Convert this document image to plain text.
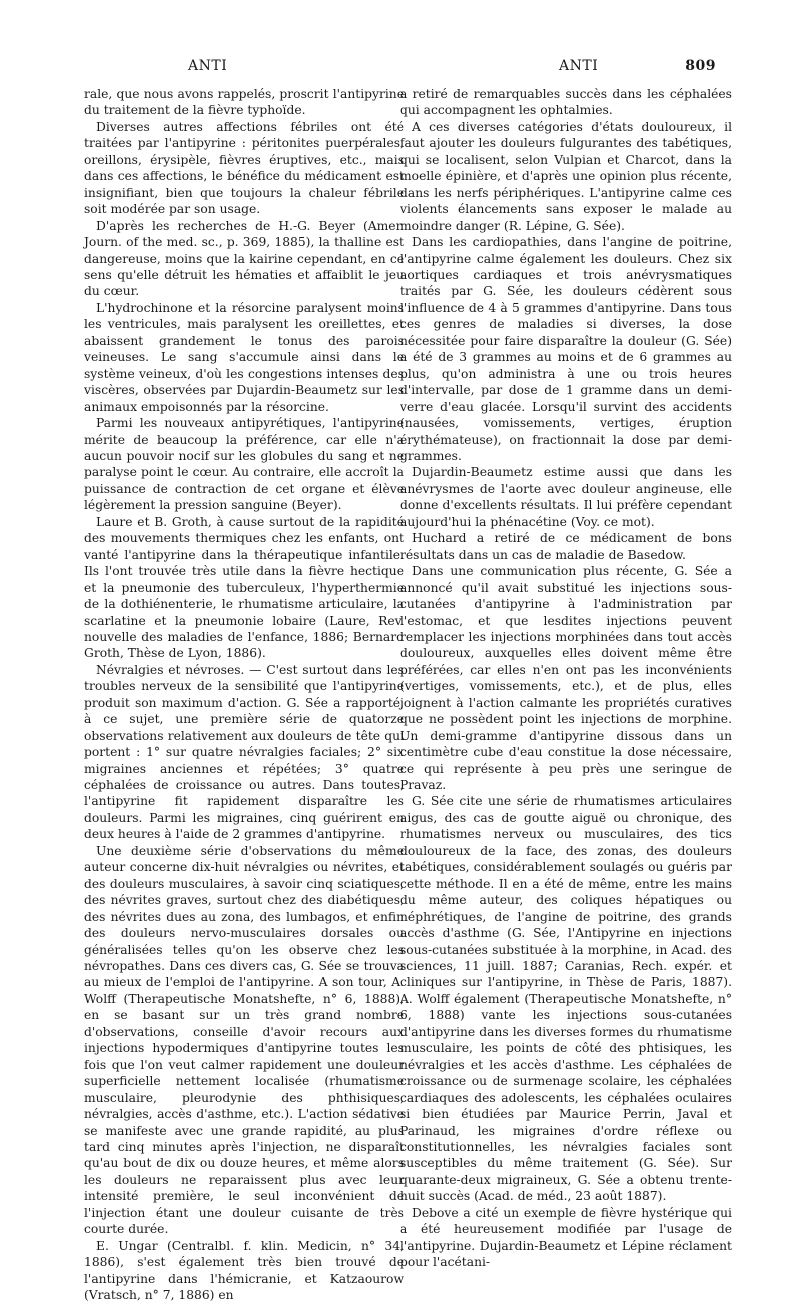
ANTI	ANTI	809

rale, que nous avons rappelés, proscrit l'antipyrine du traitement de la fièvre typhoïde.

Diverses autres affections fébriles ont été traitées par l'antipyrine : péritonites puerpérales, oreillons, érysipèle, fièvres éruptives, etc., mais dans ces affections, le bénéfice du médicament est insignifiant, bien que toujours la chaleur fébrile soit modérée par son usage.

D'après les recherches de H.-G. Beyer (Amer. Journ. of the med. sc., p. 369, 1885), la thalline est dangereuse, moins que la kairine cependant, en ce sens qu'elle détruit les hématies et affaiblit le jeu du cœur.

L'hydrochinone et la résorcine paralysent moins les ventricules, mais paralysent les oreillettes, et abaissent grandement le tonus des parois veineuses. Le sang s'accumule ainsi dans le système veineux, d'où les congestions intenses des viscères, observées par Dujardin-Beaumetz sur les animaux empoisonnés par la résorcine.

Parmi les nouveaux antipyrétiques, l'antipyrine mérite de beaucoup la préférence, car elle n'a aucun pouvoir nocif sur les globules du sang et ne paralyse point le cœur. Au contraire, elle accroît la puissance de contraction de cet organe et élève légèrement la pression sanguine (Beyer).

Laure et B. Groth, à cause surtout de la rapidité des mouvements thermiques chez les enfants, ont vanté l'antipyrine dans la thérapeutique infantile. Ils l'ont trouvée très utile dans la fièvre hectique et la pneumonie des tuberculeux, l'hyperthermie de la dothiénenterie, le rhumatisme articulaire, la scarlatine et la pneumonie lobaire (Laure, Rev. nouvelle des maladies de l'enfance, 1886; Bernard Groth, Thèse de Lyon, 1886).

Névralgies et névroses. — C'est surtout dans les troubles nerveux de la sensibilité que l'antipyrine produit son maximum d'action. G. Sée a rapporté, à ce sujet, une première série de quatorze observations relativement aux douleurs de tête qui portent : 1° sur quatre névralgies faciales; 2° six migraines anciennes et répétées; 3° quatre céphalées de croissance ou autres. Dans toutes, l'antipyrine fit rapidement disparaître les douleurs. Parmi les migraines, cinq guérirent en deux heures à l'aide de 2 grammes d'antipyrine.

Une deuxième série d'observations du même auteur concerne dix-huit névralgies ou névrites, et des douleurs musculaires, à savoir cinq sciatiques, des névrites graves, surtout chez des diabétiques, des névrites dues au zona, des lumbagos, et enfin des douleurs nervo-musculaires dorsales ou généralisées telles qu'on les observe chez les névropathes. Dans ces divers cas, G. Sée se trouva au mieux de l'emploi de l'antipyrine. A son tour, A. Wolff (Therapeutische Monatshefte, n° 6, 1888), en se basant sur un très grand nombre d'observations, conseille d'avoir recours aux injections hypodermiques d'antipyrine toutes les fois que l'on veut calmer rapidement une douleur superficielle nettement localisée (rhumatisme musculaire, pleurodynie des phthisiques, névralgies, accès d'asthme, etc.). L'action sédative se manifeste avec une grande rapidité, au plus tard cinq minutes après l'injection, ne disparaît qu'au bout de dix ou douze heures, et même alors les douleurs ne reparaissent plus avec leur intensité première, le seul inconvénient de l'injection étant une douleur cuisante de très courte durée.

E. Ungar (Centralbl. f. klin. Medicin, n° 34, 1886), s'est également très bien trouvé de l'antipyrine dans l'hémicranie, et Katzaourow (Vratsch, n° 7, 1886) en

a retiré de remarquables succès dans les céphalées qui accompagnent les ophtalmies.

A ces diverses catégories d'états douloureux, il faut ajouter les douleurs fulgurantes des tabétiques, qui se localisent, selon Vulpian et Charcot, dans la moelle épinière, et d'après une opinion plus récente, dans les nerfs périphériques. L'antipyrine calme ces violents élancements sans exposer le malade au moindre danger (R. Lépine, G. Sée).

Dans les cardiopathies, dans l'angine de poitrine, l'antipyrine calme également les douleurs. Chez six aortiques cardiaques et trois anévrysmatiques traités par G. Sée, les douleurs cédèrent sous l'influence de 4 à 5 grammes d'antipyrine. Dans tous ces genres de maladies si diverses, la dose nécessitée pour faire disparaître la douleur (G. Sée) a été de 3 grammes au moins et de 6 grammes au plus, qu'on administra à une ou trois heures d'intervalle, par dose de 1 gramme dans un demi-verre d'eau glacée. Lorsqu'il survint des accidents (nausées, vomissements, vertiges, éruption érythémateuse), on fractionnait la dose par demi-grammes.

Dujardin-Beaumetz estime aussi que dans les anévrysmes de l'aorte avec douleur angineuse, elle donne d'excellents résultats. Il lui préfère cependant aujourd'hui la phénacétine (Voy. ce mot).

Huchard a retiré de ce médicament de bons résultats dans un cas de maladie de Basedow.

Dans une communication plus récente, G. Sée a annoncé qu'il avait substitué les injections sous-cutanées d'antipyrine à l'administration par l'estomac, et que lesdites injections peuvent remplacer les injections morphinées dans tout accès douloureux, auxquelles elles doivent même être préférées, car elles n'en ont pas les inconvénients (vertiges, vomissements, etc.), et de plus, elles joignent à l'action calmante les propriétés curatives que ne possèdent point les injections de morphine. Un demi-gramme d'antipyrine dissous dans un centimètre cube d'eau constitue la dose nécessaire, ce qui représente à peu près une seringue de Pravaz.

G. Sée cite une série de rhumatismes articulaires aigus, des cas de goutte aiguë ou chronique, des rhumatismes nerveux ou musculaires, des tics douloureux de la face, des zonas, des douleurs tabétiques, considérablement soulagés ou guéris par cette méthode. Il en a été de même, entre les mains du même auteur, des coliques hépatiques ou néphrétiques, de l'angine de poitrine, des grands accès d'asthme (G. Sée, l'Antipyrine en injections sous-cutanées substituée à la morphine, in Acad. des sciences, 11 juill. 1887; Caranias, Rech. expér. et cliniques sur l'antipyrine, in Thèse de Paris, 1887). A. Wolff également (Therapeutische Monatshefte, n° 6, 1888) vante les injections sous-cutanées d'antipyrine dans les diverses formes du rhumatisme musculaire, les points de côté des phtisiques, les névralgies et les accès d'asthme. Les céphalées de croissance ou de surmenage scolaire, les céphalées cardiaques des adolescents, les céphalées oculaires si bien étudiées par Maurice Perrin, Javal et Parinaud, les migraines d'ordre réflexe ou constitutionnelles, les névralgies faciales sont susceptibles du même traitement (G. Sée). Sur quarante-deux migraineux, G. Sée a obtenu trente-huit succès (Acad. de méd., 23 août 1887).

Debove a cité un exemple de fièvre hystérique qui a été heureusement modifiée par l'usage de l'antipyrine. Dujardin-Beaumetz et Lépine réclament pour l'acétani-
